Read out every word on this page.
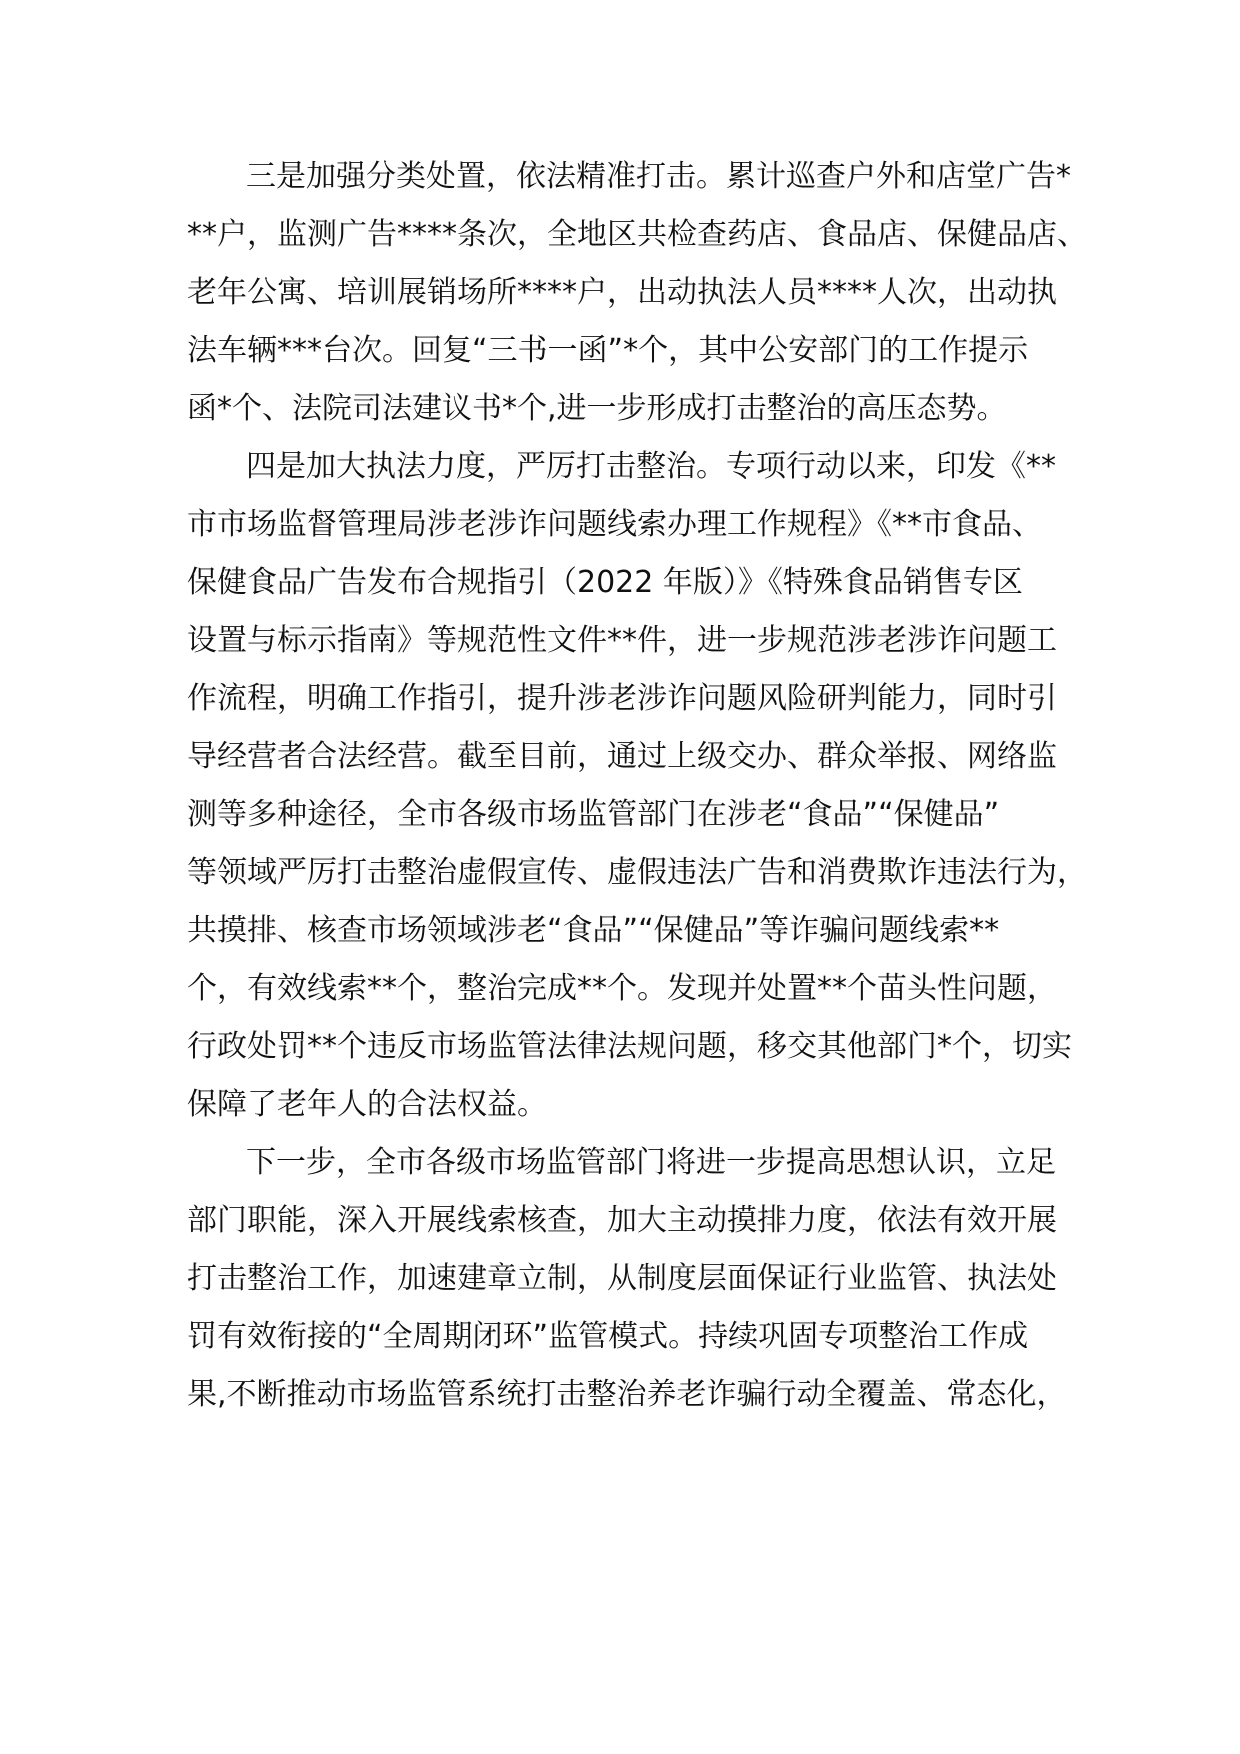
三是加强分类处置，依法精准打击。累计巡查户外和店堂广告*
**户，监测广告****条次，全地区共检查药店、食品店、保健品店、
老年公寓、培训展销场所****户，出动执法人员****人次，出动执
法车辆***台次。回复“三书一函”*个，其中公安部门的工作提示
函*个、法院司法建议书*个,进一步形成打击整治的高压态势。
四是加大执法力度，严厉打击整治。专项行动以来，印发《**
市市场监督管理局涉老涉诈问题线索办理工作规程》《**市食品、
保健食品广告发布合规指引（2022 年版）》《特殊食品销售专区
设置与标示指南》等规范性文件**件，进一步规范涉老涉诈问题工
作流程，明确工作指引，提升涉老涉诈问题风险研判能力，同时引
导经营者合法经营。截至目前，通过上级交办、群众举报、网络监
测等多种途径，全市各级市场监管部门在涉老“食品”“保健品”
等领域严厉打击整治虚假宣传、虚假违法广告和消费欺诈违法行为，
共摸排、核查市场领域涉老“食品”“保健品”等诈骗问题线索**
个，有效线索**个，整治完成**个。发现并处置**个苗头性问题，
行政处罚**个违反市场监管法律法规问题，移交其他部门*个，切实
保障了老年人的合法权益。
下一步，全市各级市场监管部门将进一步提高思想认识，立足
部门职能，深入开展线索核查，加大主动摸排力度，依法有效开展
打击整治工作，加速建章立制，从制度层面保证行业监管、执法处
罚有效衔接的“全周期闭环”监管模式。持续巩固专项整治工作成
果,不断推动市场监管系统打击整治养老诈骗行动全覆盖、常态化，
